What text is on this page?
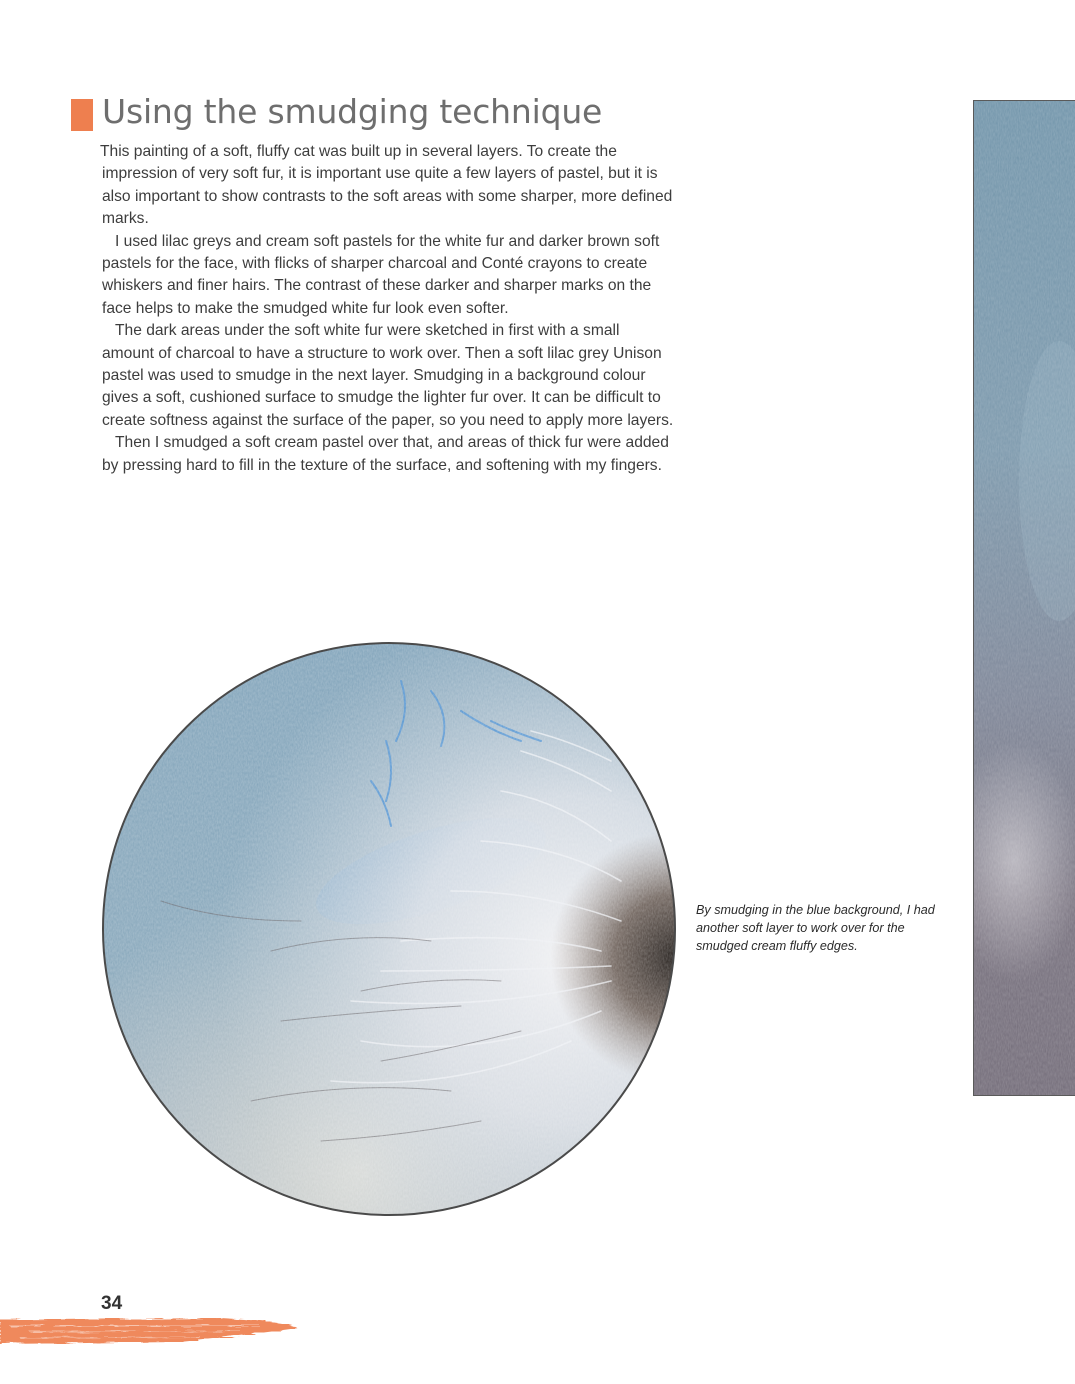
Using the smudging technique

This painting of a soft, fluffy cat was built up in several layers. To create the impression of very soft fur, it is important use quite a few layers of pastel, but it is also important to show contrasts to the soft areas with some sharper, more defined marks.

I used lilac greys and cream soft pastels for the white fur and darker brown soft pastels for the face, with flicks of sharper charcoal and Conté crayons to create whiskers and finer hairs. The contrast of these darker and sharper marks on the face helps to make the smudged white fur look even softer.

The dark areas under the soft white fur were sketched in first with a small amount of charcoal to have a structure to work over. Then a soft lilac grey Unison pastel was used to smudge in the next layer. Smudging in a background colour gives a soft, cushioned surface to smudge the lighter fur over. It can be difficult to create softness against the surface of the paper, so you need to apply more layers.

Then I smudged a soft cream pastel over that, and areas of thick fur were added by pressing hard to fill in the texture of the surface, and softening with my fingers.

By smudging in the blue background, I had another soft layer to work over for the smudged cream fluffy edges.
34
